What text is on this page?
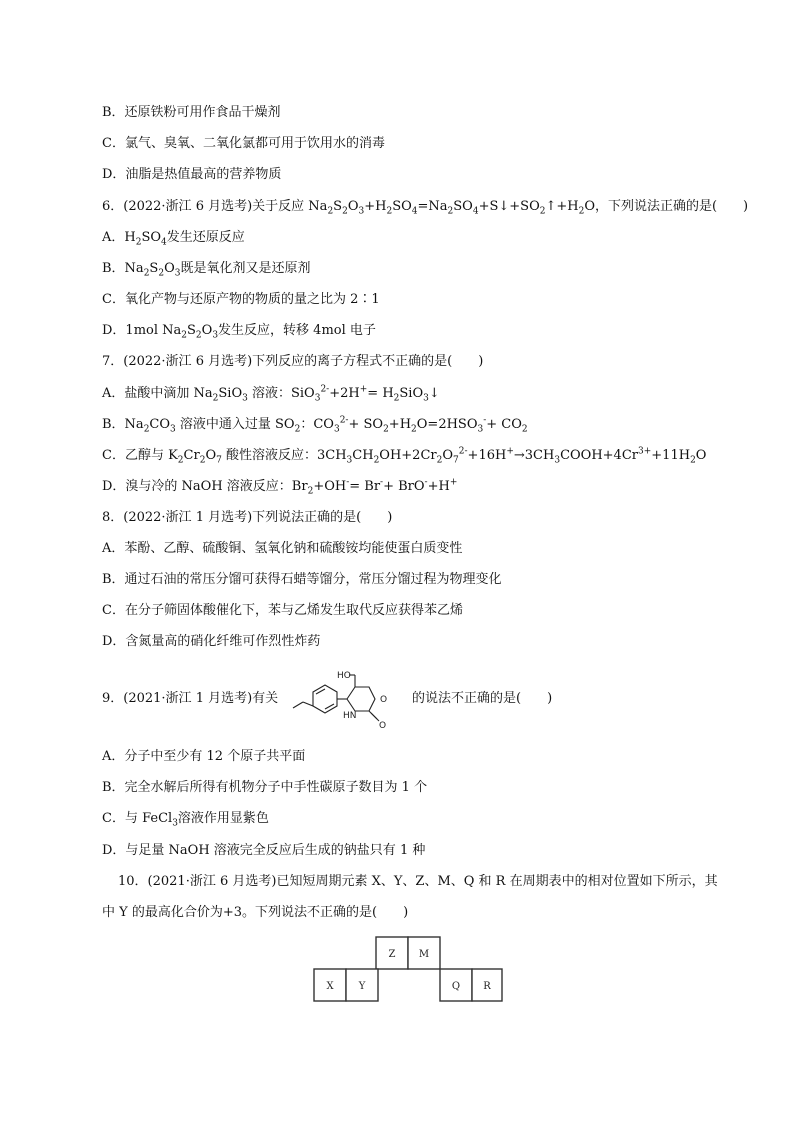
B．还原铁粉可用作食品干燥剂
C．氯气、臭氧、二氧化氯都可用于饮用水的消毒
D．油脂是热值最高的营养物质
6．(2022·浙江 6 月选考)关于反应 $Na_2S_2O_3+H_2SO_4=Na_2SO_4+S↓+SO_2↑+H_2O$，下列说法正确的是(　　)
A．$H_2SO_4$发生还原反应
B．$Na_2S_2O_3$既是氧化剂又是还原剂
C．氧化产物与还原产物的物质的量之比为 2∶1
D．1mol $Na_2S_2O_3$发生反应，转移 4mol 电子
7．(2022·浙江 6 月选考)下列反应的离子方程式不正确的是(　　)
A．盐酸中滴加 $Na_2SiO_3$ 溶液：$SiO_3^{2-}+2H^+= H_2SiO_3↓$
B．$Na_2CO_3$ 溶液中通入过量 $SO_2$：$CO_3^{2-}+ SO_2+H_2O=2HSO_3^-+ CO_2$
C．乙醇与 $K_2Cr_2O_7$ 酸性溶液反应：$3CH_3CH_2OH+2Cr_2O_7^{2-}+16H^+\to 3CH_3COOH+4Cr^{3+}+11H_2O$
D．溴与冷的 NaOH 溶液反应：$Br_2+OH^-= Br^-+ BrO^-+H^+$
8．(2022·浙江 1 月选考)下列说法正确的是(　　)
A．苯酚、乙醇、硫酸铜、氢氧化钠和硫酸铵均能使蛋白质变性
B．通过石油的常压分馏可获得石蜡等馏分，常压分馏过程为物理变化
C．在分子筛固体酸催化下，苯与乙烯发生取代反应获得苯乙烯
D．含氮量高的硝化纤维可作烈性炸药
9．(2021·浙江 1 月选考)有关
HO
O
HN
O
的说法不正确的是(　　)
A．分子中至少有 12 个原子共平面
B．完全水解后所得有机物分子中手性碳原子数目为 1 个
C．与 FeCl$_3$溶液作用显紫色
D．与足量 NaOH 溶液完全反应后生成的钠盐只有 1 种
10．(2021·浙江 6 月选考)已知短周期元素 X、Y、Z、M、Q 和 R 在周期表中的相对位置如下所示，其
中 Y 的最高化合价为+3。下列说法不正确的是(　　)
Z M
X	Y	Q R
